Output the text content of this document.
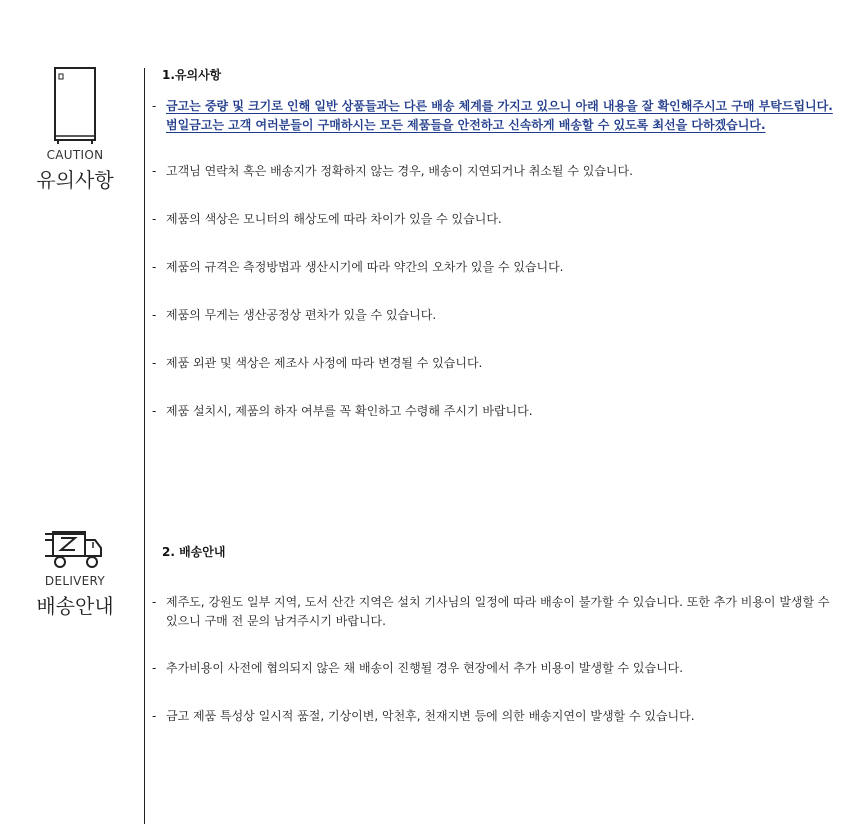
CAUTION
유의사항
1.유의사항
- 금고는 중량 및 크기로 인해 일반 상품들과는 다른 배송 체계를 가지고 있으니 아래 내용을 잘 확인해주시고 구매 부탁드립니다. 범일금고는 고객 여러분들이 구매하시는 모든 제품들을 안전하고 신속하게 배송할 수 있도록 최선을 다하겠습니다.
- 고객님 연락처 혹은 배송지가 정확하지 않는 경우, 배송이 지연되거나 취소될 수 있습니다.
- 제품의 색상은 모니터의 해상도에 따라 차이가 있을 수 있습니다.
- 제품의 규격은 측정방법과 생산시기에 따라 약간의 오차가 있을 수 있습니다.
- 제품의 무게는 생산공정상 편차가 있을 수 있습니다.
- 제품 외관 및 색상은 제조사 사정에 따라 변경될 수 있습니다.
- 제품 설치시, 제품의 하자 여부를 꼭 확인하고 수령해 주시기 바랍니다.
DELIVERY
배송안내
2. 배송안내
- 제주도, 강원도 일부 지역, 도서 산간 지역은 설치 기사님의 일정에 따라 배송이 불가할 수 있습니다. 또한 추가 비용이 발생할 수 있으니 구매 전 문의 남겨주시기 바랍니다.
- 추가비용이 사전에 협의되지 않은 채 배송이 진행될 경우 현장에서 추가 비용이 발생할 수 있습니다.
- 금고 제품 특성상 일시적 품절, 기상이변, 악천후, 천재지변 등에 의한 배송지연이 발생할 수 있습니다.
